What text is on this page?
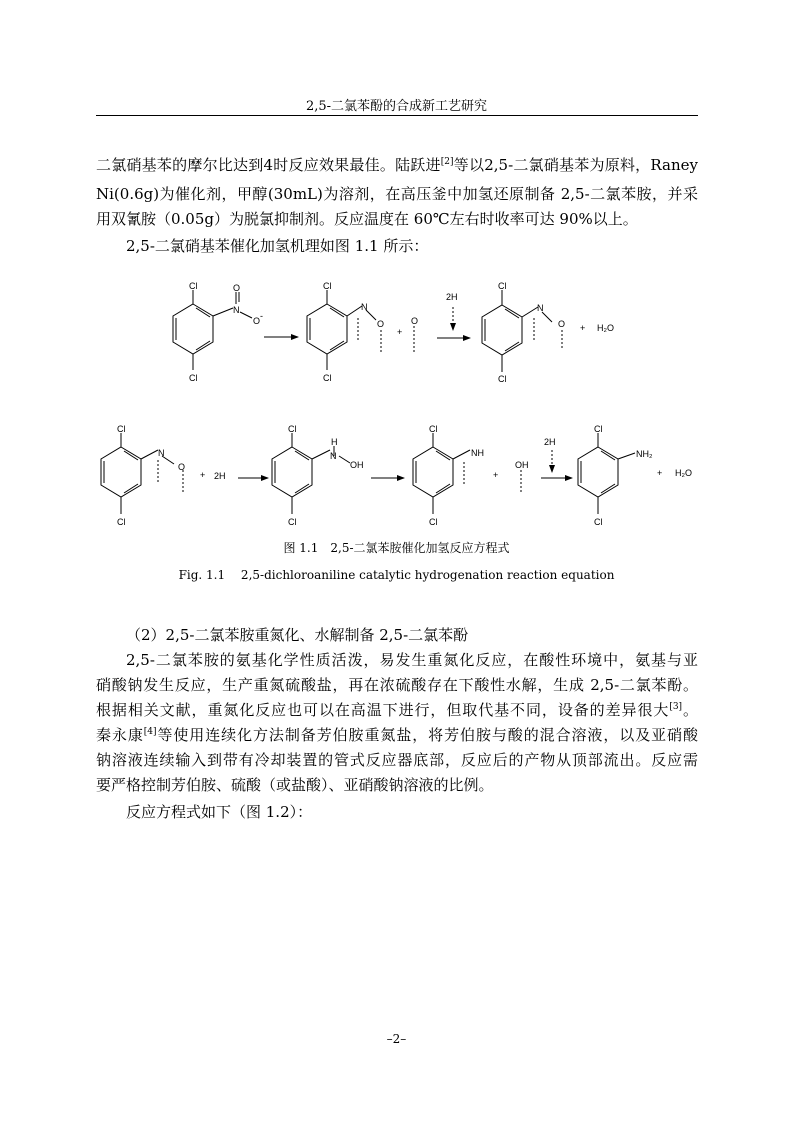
2,5-二氯苯酚的合成新工艺研究
二氯硝基苯的摩尔比达到4时反应效果最佳。陆跃进[2]等以2,5-二氯硝基苯为原料，Raney
Ni(0.6g)为催化剂，甲醇(30mL)为溶剂，在高压釜中加氢还原制备 2,5-二氯苯胺，并采
用双氰胺（0.05g）为脱氯抑制剂。反应温度在 60℃左右时收率可达 90%以上。
2,5-二氯硝基苯催化加氢机理如图 1.1 所示：
Cl
Cl
N
O
O -
Cl
Cl
N
O
+
O
2H
Cl
Cl
N
O + H₂O
Cl
Cl
N
O
+ 2H
Cl
Cl
H
N
OH
Cl
Cl
NH
+
OH
2H
Cl
Cl
NH₂
+ H₂O
图 1.1　2,5-二氯苯胺催化加氢反应方程式
Fig. 1.1　 2,5-dichloroaniline catalytic hydrogenation reaction equation
（2）2,5-二氯苯胺重氮化、水解制备 2,5-二氯苯酚
2,5-二氯苯胺的氨基化学性质活泼，易发生重氮化反应，在酸性环境中，氨基与亚
硝酸钠发生反应，生产重氮硫酸盐，再在浓硫酸存在下酸性水解，生成 2,5-二氯苯酚。
根据相关文献，重氮化反应也可以在高温下进行，但取代基不同，设备的差异很大[3]。
秦永康[4]等使用连续化方法制备芳伯胺重氮盐，将芳伯胺与酸的混合溶液，以及亚硝酸
钠溶液连续输入到带有冷却装置的管式反应器底部，反应后的产物从顶部流出。反应需
要严格控制芳伯胺、硫酸（或盐酸）、亚硝酸钠溶液的比例。
反应方程式如下（图 1.2）：
–2–
